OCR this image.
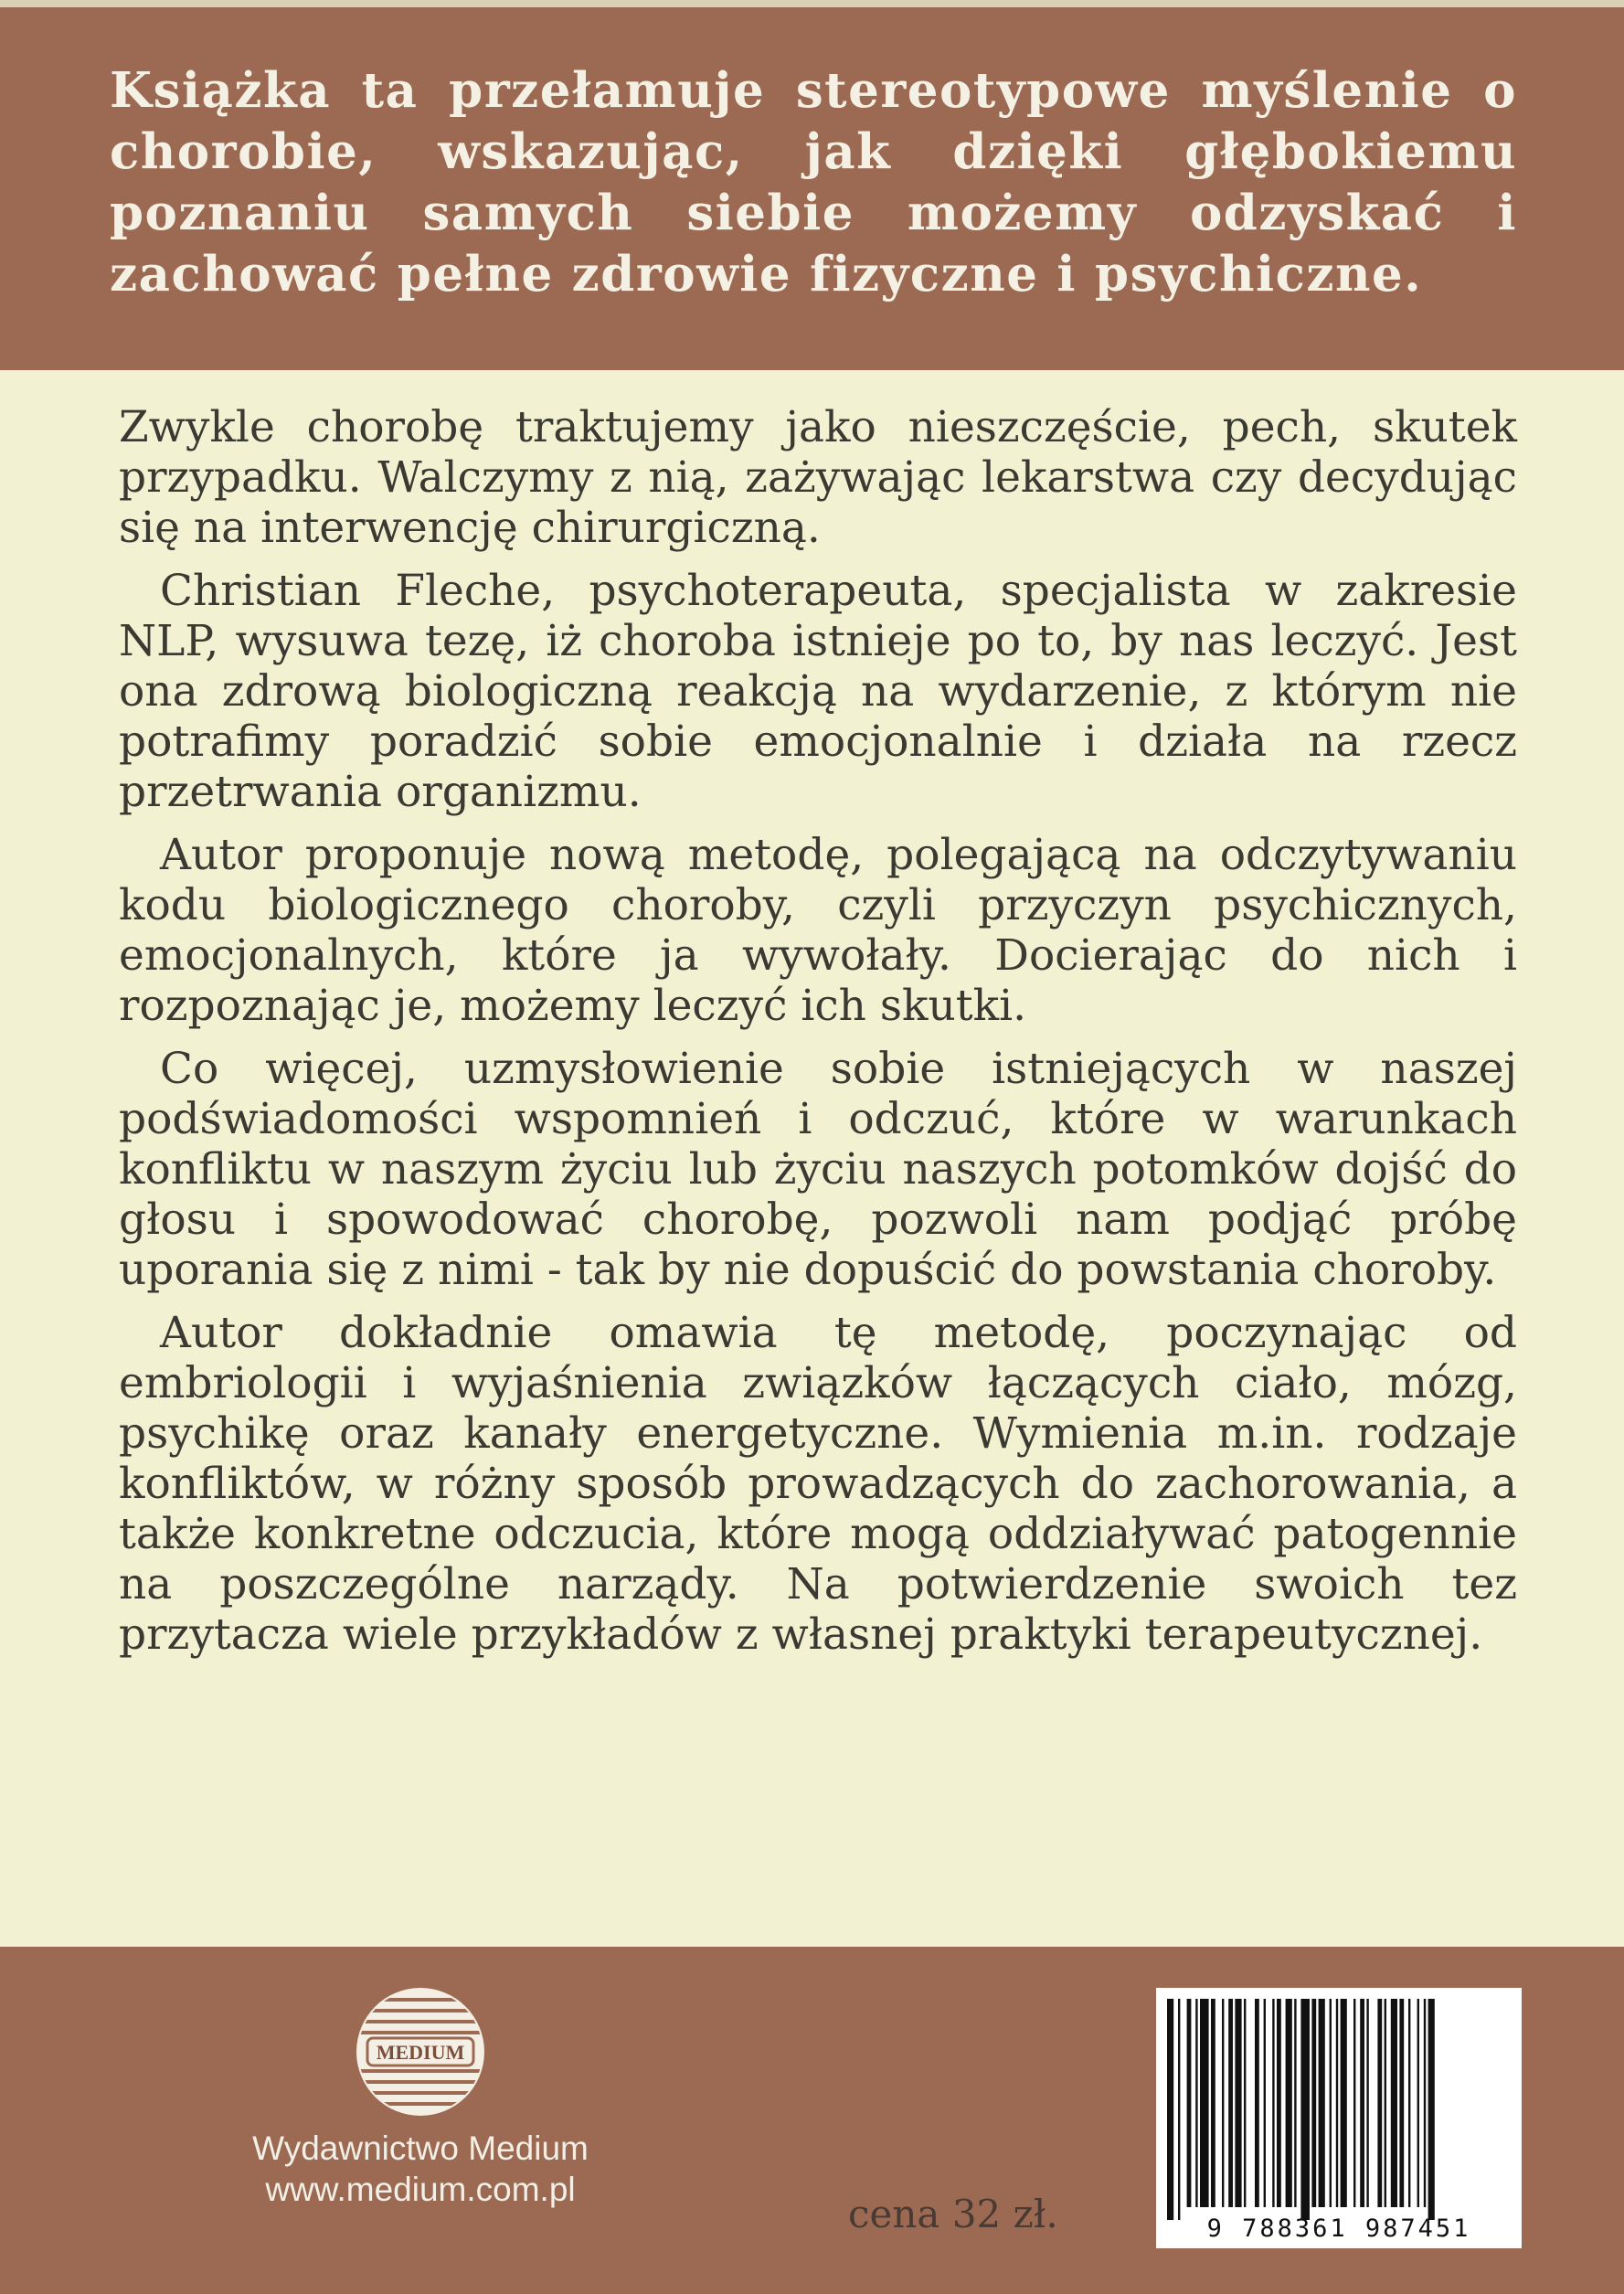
Książka ta przełamuje stereotypowe myślenie o chorobie, wskazując, jak dzięki głębokiemu poznaniu samych siebie możemy odzyskać i zachować pełne zdrowie fizyczne i psychiczne.

Zwykle chorobę traktujemy jako nieszczęście, pech, skutek przypadku. Walczymy z nią, zażywając lekarstwa czy decydując się na interwencję chirurgiczną.

Christian Fleche, psychoterapeuta, specjalista w zakresie NLP, wysuwa tezę, iż choroba istnieje po to, by nas leczyć. Jest ona zdrową biologiczną reakcją na wydarzenie, z którym nie potrafimy poradzić sobie emocjonalnie i działa na rzecz przetrwania organizmu.

Autor proponuje nową metodę, polegającą na odczytywaniu kodu biologicznego choroby, czyli przyczyn psychicznych, emocjonalnych, które ja wywołały. Docierając do nich i rozpoznając je, możemy leczyć ich skutki.

Co więcej, uzmysłowienie sobie istniejących w naszej podświadomości wspomnień i odczuć, które w warunkach konfliktu w naszym życiu lub życiu naszych potomków dojść do głosu i spowodować chorobę, pozwoli nam podjąć próbę uporania się z nimi - tak by nie dopuścić do powstania choroby.

Autor dokładnie omawia tę metodę, poczynając od embriologii i wyjaśnienia związków łączących ciało, mózg, psychikę oraz kanały energetyczne. Wymienia m.in. rodzaje konfliktów, w różny sposób prowadzących do zachorowania, a także konkretne odczucia, które mogą oddziaływać patogennie na poszczególne narządy. Na potwierdzenie swoich tez przytacza wiele przykładów z własnej praktyki terapeutycznej.

MEDIUM
Wydawnictwo Medium
www.medium.com.pl
cena 32 zł.	9 788361 987451
